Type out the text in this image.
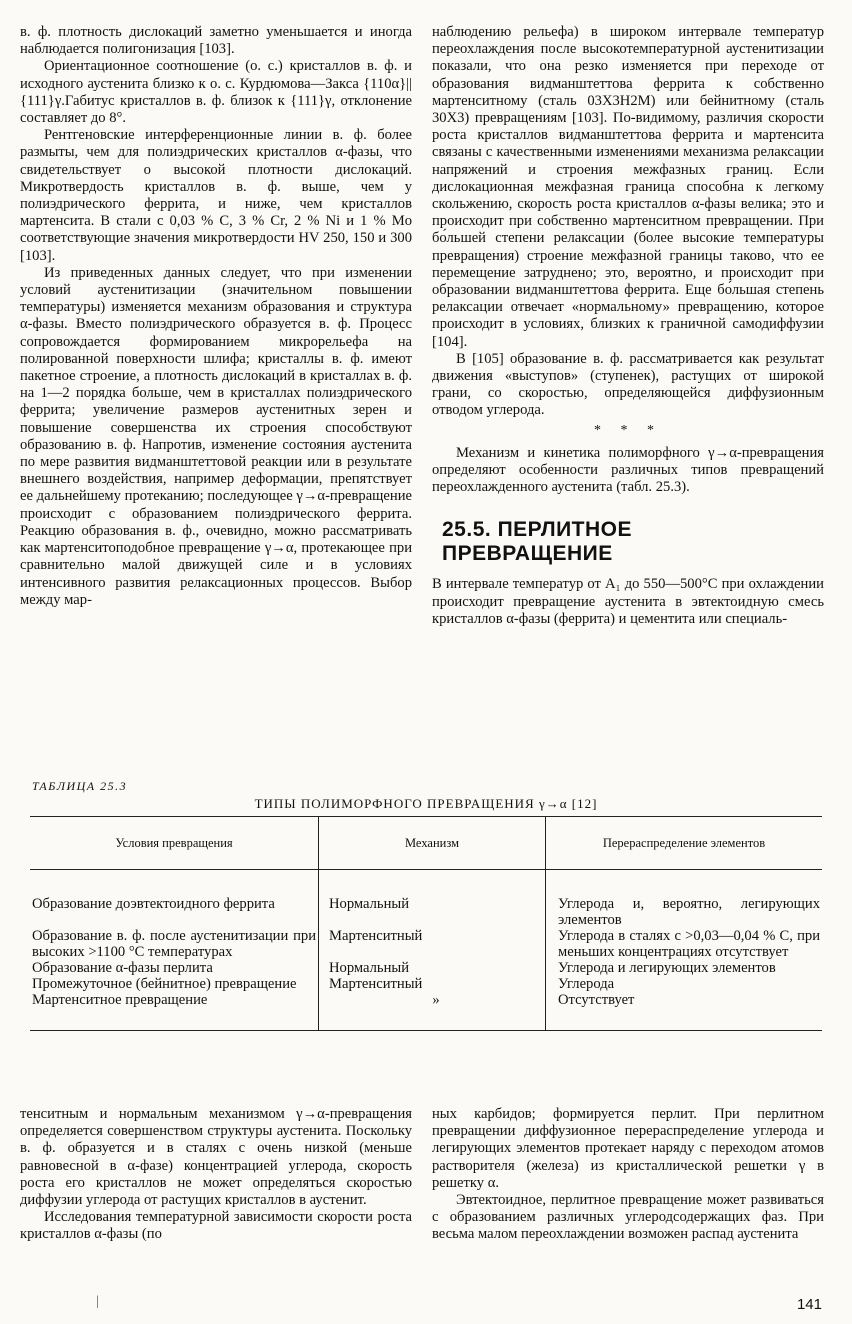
в. ф. плотность дислокаций заметно уменьшается и иногда наблюдается полигонизация [103].

Ориентационное соотношение (о. с.) кристаллов в. ф. и исходного аустенита близко к о. с. Курдюмова—Закса {110α}||{111}γ.Габитус кристаллов в. ф. близок к {111}γ, отклонение составляет до 8°.

Рентгеновские интерференционные линии в. ф. более размыты, чем для полиэдрических кристаллов α-фазы, что свидетельствует о высокой плотности дислокаций. Микротвердость кристаллов в. ф. выше, чем у полиэдрического феррита, и ниже, чем кристаллов мартенсита. В стали с 0,03 % С, 3 % Cr, 2 % Ni и 1 % Mo соответствующие значения микротвердости HV 250, 150 и 300 [103].

Из приведенных данных следует, что при изменении условий аустенитизации (значительном повышении температуры) изменяется механизм образования и структура α-фазы. Вместо полиэдрического образуется в. ф. Процесс сопровождается формированием микрорельефа на полированной поверхности шлифа; кристаллы в. ф. имеют пакетное строение, а плотность дислокаций в кристаллах в. ф. на 1—2 порядка больше, чем в кристаллах полиэдрического феррита; увеличение размеров аустенитных зерен и повышение совершенства их строения способствуют образованию в. ф. Напротив, изменение состояния аустенита по мере развития видманштеттовой реакции или в результате внешнего воздействия, например деформации, препятствует ее дальнейшему протеканию; последующее γ→α-превращение происходит с образованием полиэдрического феррита. Реакцию образования в. ф., очевидно, можно рассматривать как мартенситоподобное превращение γ→α, протекающее при сравнительно малой движущей силе и в условиях интенсивного развития релаксационных процессов. Выбор между мар-

наблюдению рельефа) в широком интервале температур переохлаждения после высокотемпературной аустенитизации показали, что она резко изменяется при переходе от образования видманштеттова феррита к собственно мартенситному (сталь 03Х3Н2М) или бейнитному (сталь 30Х3) превращениям [103]. По-видимому, различия скорости роста кристаллов видманштеттова феррита и мартенсита связаны с качественными изменениями механизма релаксации напряжений и строения межфазных границ. Если дислокационная межфазная граница способна к легкому скольжению, скорость роста кристаллов α-фазы велика; это и происходит при собственно мартенситном превращении. При бо́льшей степени релаксации (более высокие температуры превращения) строение межфазной границы таково, что ее перемещение затруднено; это, вероятно, и происходит при образовании видманштеттова феррита. Еще бо́льшая степень релаксации отвечает «нормальному» превращению, которое происходит в условиях, близких к граничной самодиффузии [104].

В [105] образование в. ф. рассматривается как результат движения «выступов» (ступенек), растущих от широкой грани, со скоростью, определяющейся диффузионным отводом углерода.

* * *

Механизм и кинетика полиморфного γ→α-превращения определяют особенности различных типов превращений переохлажденного аустенита (табл. 25.3).

25.5. ПЕРЛИТНОЕ
ПРЕВРАЩЕНИЕ

В интервале температур от A₁ до 550—500°С при охлаждении происходит превращение аустенита в эвтектоидную смесь кристаллов α-фазы (феррита) и цементита или специаль-

ТАБЛИЦА 25.3
ТИПЫ ПОЛИМОРФНОГО ПРЕВРАЩЕНИЯ γ→α [12]
Условия превращения	Механизм	Перераспределение элементов
Образование доэвтектоидного феррита	Нормальный	Углерода и, вероятно, легирующих элементов
Образование в. ф. после аустенитизации при высоких >1100 °С температурах	Мартенситный	Углерода в сталях с >0,03—0,04 % С, при меньших концентрациях отсутствует
Образование α-фазы перлита	Нормальный	Углерода и легирующих элементов
Промежуточное (бейнитное) превращение	Мартенситный	Углерода
Мартенситное превращение	»	Отсутствует

тенситным и нормальным механизмом γ→α-превращения определяется совершенством структуры аустенита. Поскольку в. ф. образуется и в сталях с очень низкой (меньше равновесной в α-фазе) концентрацией углерода, скорость роста его кристаллов не может определяться скоростью диффузии углерода от растущих кристаллов в аустенит.

Исследования температурной зависимости скорости роста кристаллов α-фазы (по

ных карбидов; формируется перлит. При перлитном превращении диффузионное перераспределение углерода и легирующих элементов протекает наряду с переходом атомов растворителя (железа) из кристаллической решетки γ в решетку α.

Эвтектоидное, перлитное превращение может развиваться с образованием различных углеродсодержащих фаз. При весьма малом переохлаждении возможен распад аустенита

|	141
